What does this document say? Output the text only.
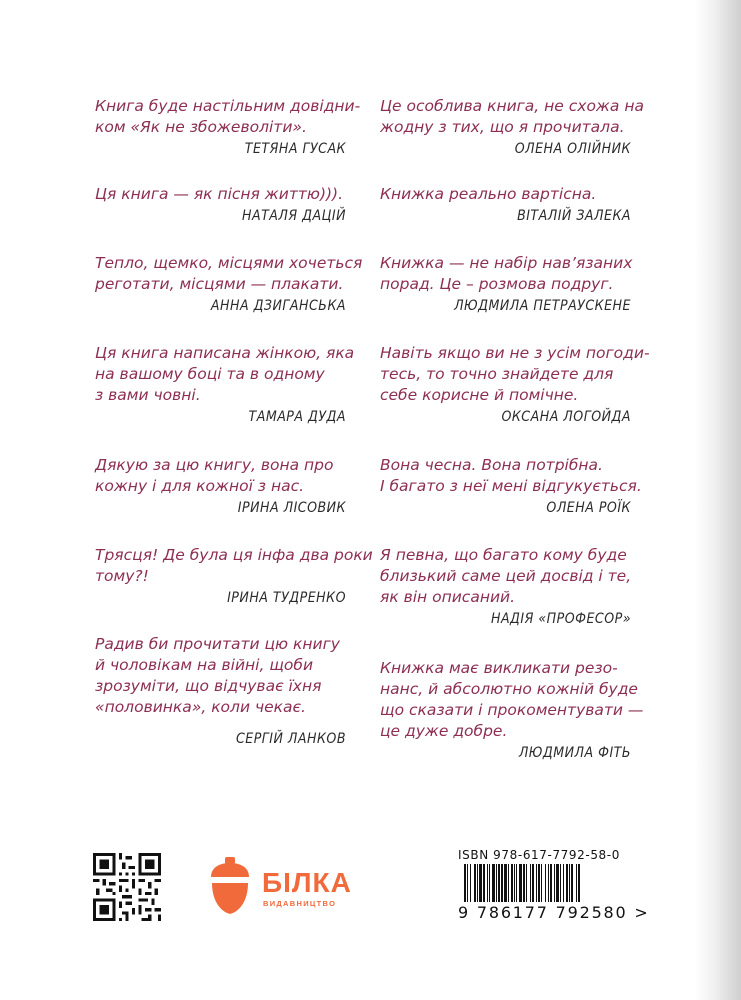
Книга буде настільним довідни-
ком «Як не збожеволіти».
ТЕТЯНА ГУСАК
Це особлива книга, не схожа на
жодну з тих, що я прочитала.
ОЛЕНА ОЛІЙНИК
Ця книга — як пісня життю))).
НАТАЛЯ ДАЦІЙ
Книжка реально вартісна.
ВІТАЛІЙ ЗАЛЕКА
Тепло, щемко, місцями хочеться
реготати, місцями — плакати.
АННА ДЗИГАНСЬКА
Книжка — не набір нав’язаних
порад. Це – розмова подруг.
ЛЮДМИЛА ПЕТРАУСКЕНЕ
Ця книга написана жінкою, яка
на вашому боці та в одному
з вами човні.
ТАМАРА ДУДА
Навіть якщо ви не з усім погоди-
тесь, то точно знайдете для
себе корисне й помічне.
ОКСАНА ЛОГОЙДА
Дякую за цю книгу, вона про
кожну і для кожної з нас.
ІРИНА ЛІСОВИК
Вона чесна. Вона потрібна.
І багато з неї мені відгукується.
ОЛЕНА РОЇК
Трясця! Де була ця інфа два роки
тому?!
ІРИНА ТУДРЕНКО
Я певна, що багато кому буде
близький саме цей досвід і те,
як він описаний.
НАДІЯ «ПРОФЕСОР»
Радив би прочитати цю книгу
й чоловікам на війні, щоби
зрозуміти, що відчуває їхня
«половинка», коли чекає.
СЕРГІЙ ЛАНКОВ
Книжка має викликати резо-
нанс, й абсолютно кожній буде
що сказати і прокоментувати —
це дуже добре.
ЛЮДМИЛА ФІТЬ
БІЛКА
ВИДАВНИЦТВО
ISBN 978-617-7792-58-0
9 786177 792580 >
